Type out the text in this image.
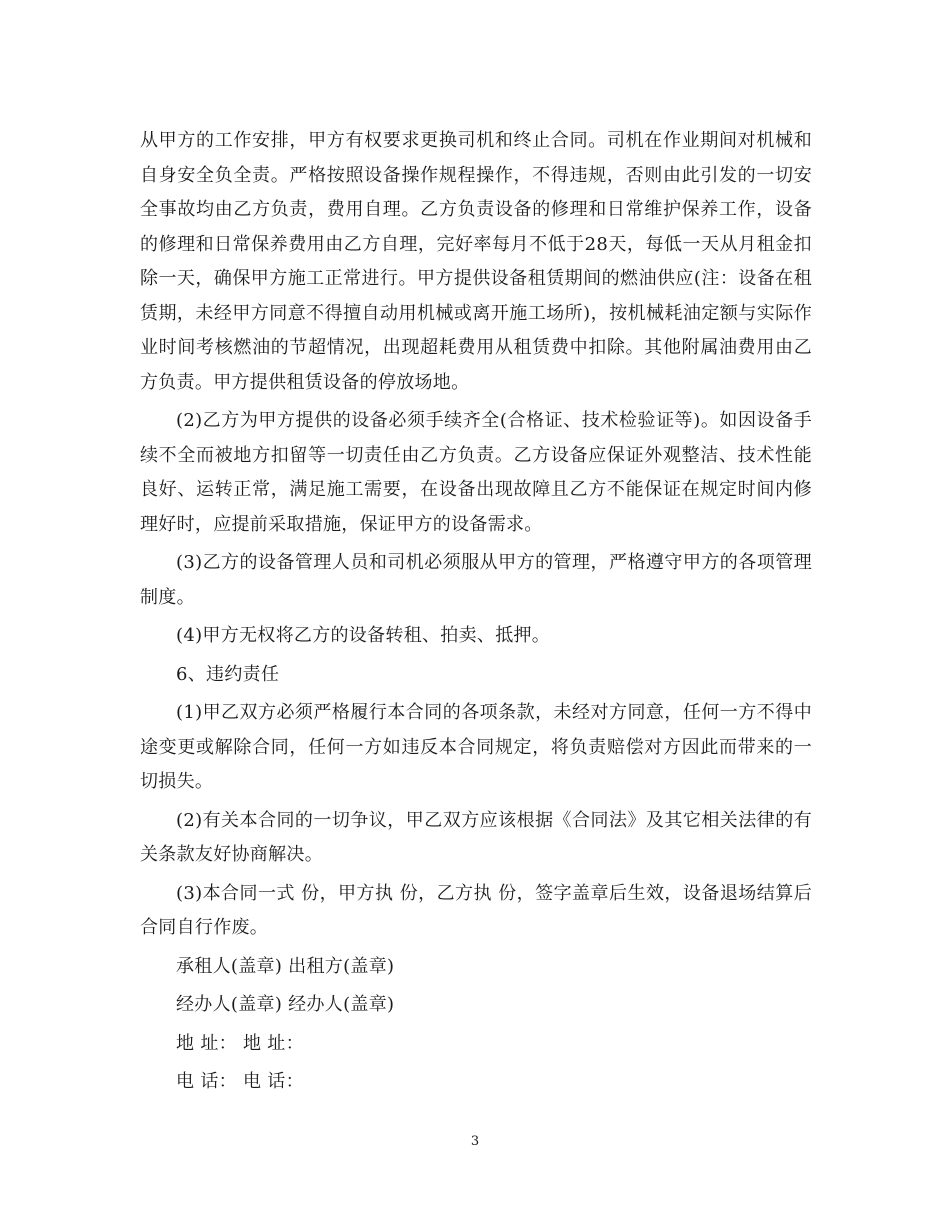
从甲方的工作安排，甲方有权要求更换司机和终止合同。司机在作业期间对机械和自身安全负全责。严格按照设备操作规程操作，不得违规，否则由此引发的一切安全事故均由乙方负责，费用自理。乙方负责设备的修理和日常维护保养工作，设备的修理和日常保养费用由乙方自理，完好率每月不低于28天，每低一天从月租金扣除一天，确保甲方施工正常进行。甲方提供设备租赁期间的燃油供应(注：设备在租赁期，未经甲方同意不得擅自动用机械或离开施工场所)，按机械耗油定额与实际作业时间考核燃油的节超情况，出现超耗费用从租赁费中扣除。其他附属油费用由乙方负责。甲方提供租赁设备的停放场地。

(2)乙方为甲方提供的设备必须手续齐全(合格证、技术检验证等)。如因设备手续不全而被地方扣留等一切责任由乙方负责。乙方设备应保证外观整洁、技术性能良好、运转正常，满足施工需要，在设备出现故障且乙方不能保证在规定时间内修理好时，应提前采取措施，保证甲方的设备需求。

(3)乙方的设备管理人员和司机必须服从甲方的管理，严格遵守甲方的各项管理制度。

(4)甲方无权将乙方的设备转租、拍卖、抵押。

6、违约责任

(1)甲乙双方必须严格履行本合同的各项条款，未经对方同意，任何一方不得中途变更或解除合同，任何一方如违反本合同规定，将负责赔偿对方因此而带来的一切损失。

(2)有关本合同的一切争议，甲乙双方应该根据《合同法》及其它相关法律的有关条款友好协商解决。

(3)本合同一式 份，甲方执 份，乙方执 份，签字盖章后生效，设备退场结算后合同自行作废。

承租人(盖章) 出租方(盖章)

经办人(盖章) 经办人(盖章)

地 址： 地 址：

电 话： 电 话：

3
